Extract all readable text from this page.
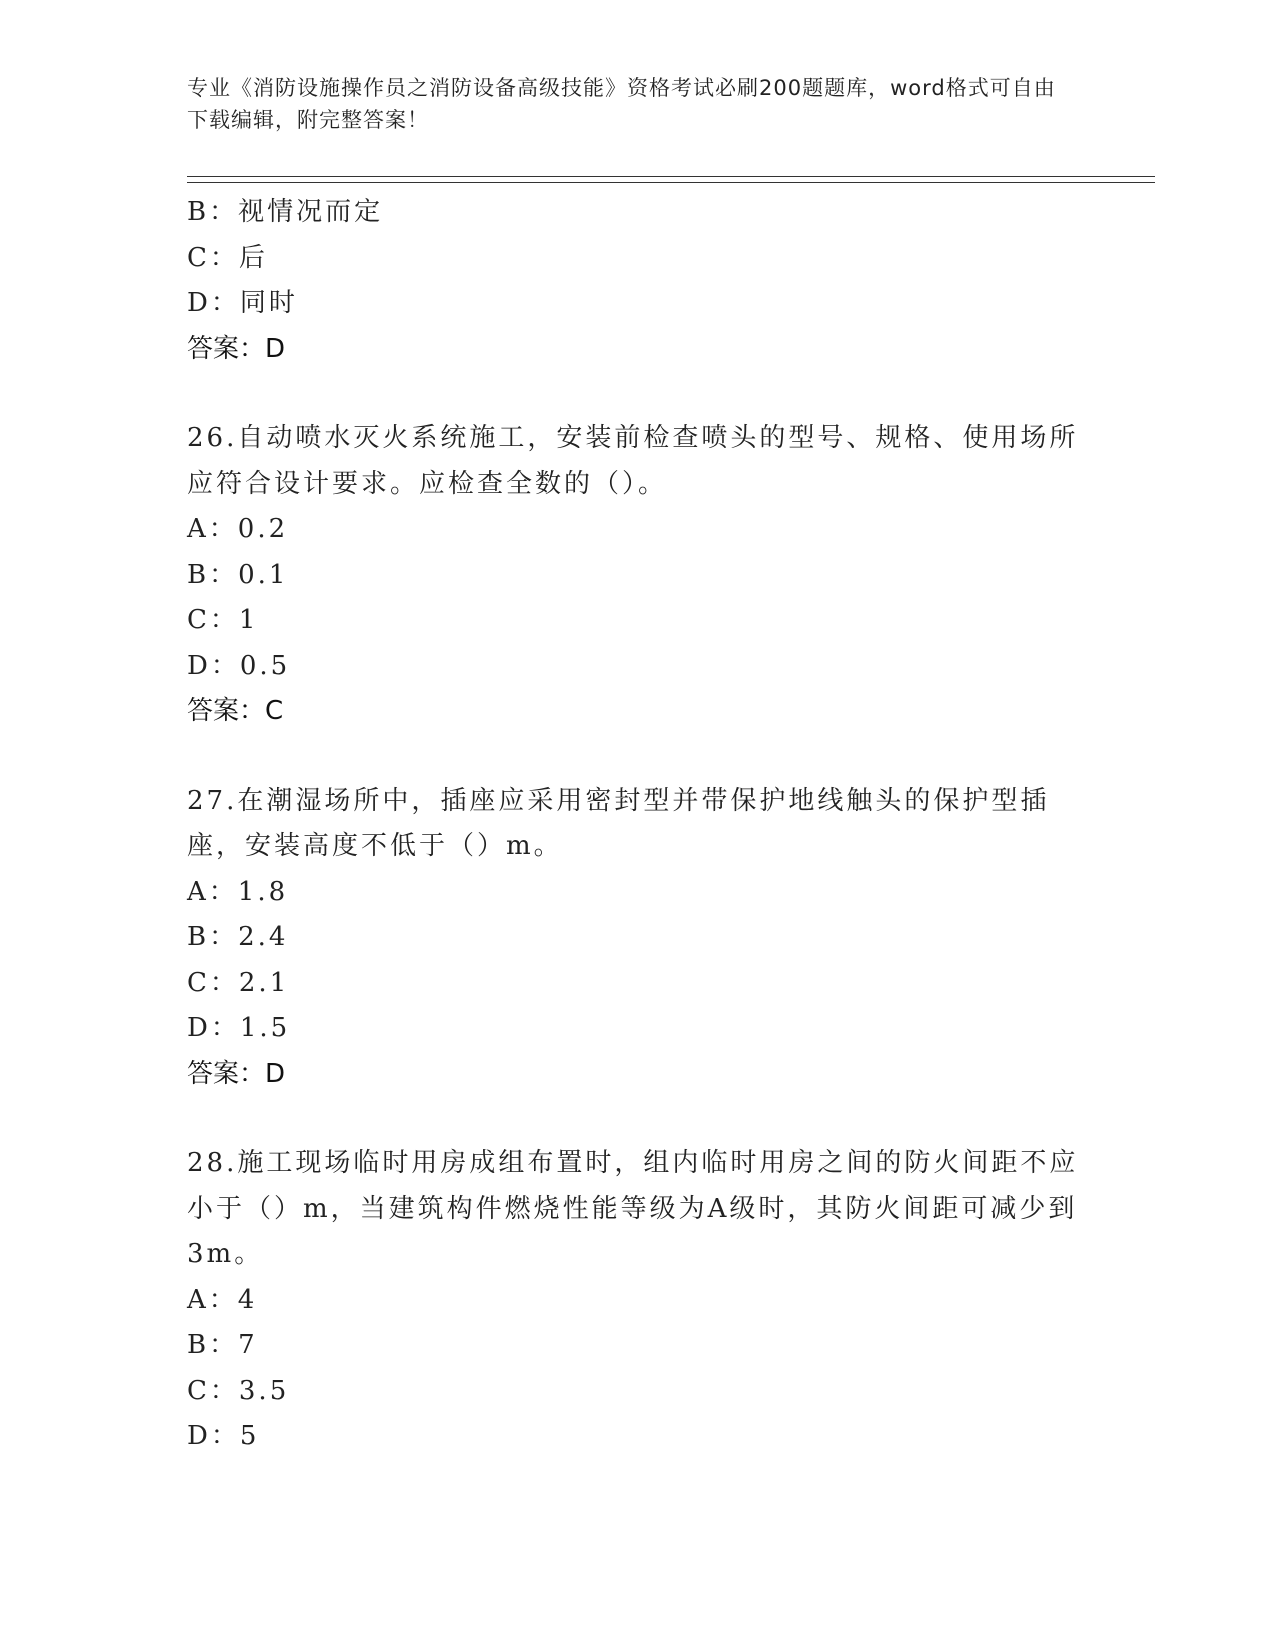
专业《消防设施操作员之消防设备高级技能》资格考试必刷200题题库，word格式可自由下载编辑，附完整答案！
B：视情况而定
C：后
D：同时
答案：D
26.自动喷水灭火系统施工，安装前检查喷头的型号、规格、使用场所应符合设计要求。应检查全数的（）。
A：0.2
B：0.1
C：1
D：0.5
答案：C
27.在潮湿场所中，插座应采用密封型并带保护地线触头的保护型插座，安装高度不低于（）m。
A：1.8
B：2.4
C：2.1
D：1.5
答案：D
28.施工现场临时用房成组布置时，组内临时用房之间的防火间距不应小于（）m，当建筑构件燃烧性能等级为A级时，其防火间距可减少到3m。
A：4
B：7
C：3.5
D：5
